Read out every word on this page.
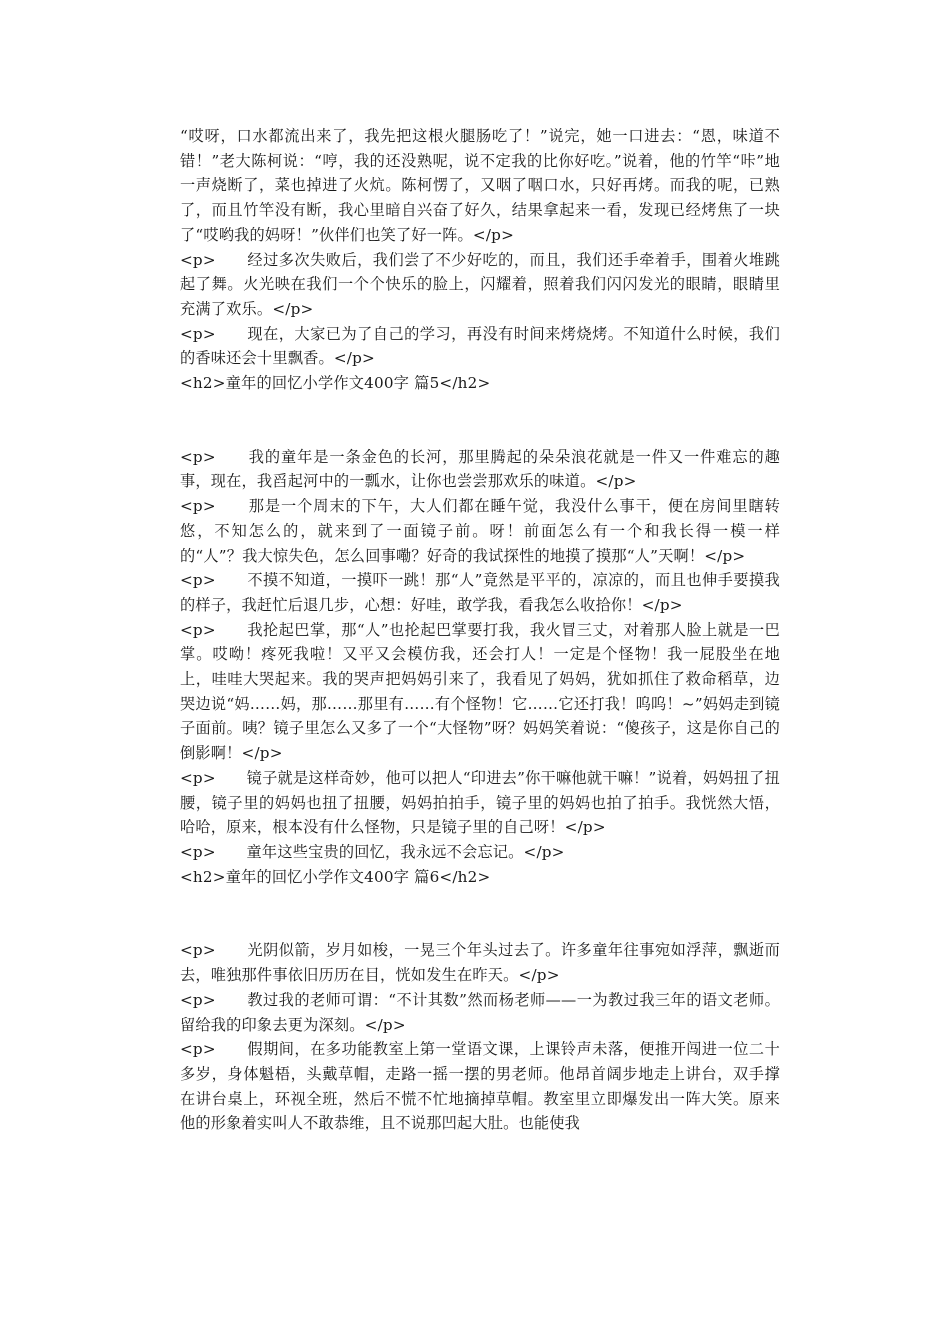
“哎呀，口水都流出来了，我先把这根火腿肠吃了！”说完，她一口进去：“恩，味道不错！”老大陈柯说：“哼，我的还没熟呢，说不定我的比你好吃。”说着，他的竹竿“咔”地一声烧断了，菜也掉进了火炕。陈柯愣了，又咽了咽口水，只好再烤。而我的呢，已熟了，而且竹竿没有断，我心里暗自兴奋了好久，结果拿起来一看，发现已经烤焦了一块了“哎哟我的妈呀！”伙伴们也笑了好一阵。</p>

<p>　　经过多次失败后，我们尝了不少好吃的，而且，我们还手牵着手，围着火堆跳起了舞。火光映在我们一个个快乐的脸上，闪耀着，照着我们闪闪发光的眼睛，眼睛里充满了欢乐。</p>

<p>　　现在，大家已为了自己的学习，再没有时间来烤烧烤。不知道什么时候，我们的香味还会十里飘香。</p>

<h2>童年的回忆小学作文400字 篇5</h2>

<p>　　我的童年是一条金色的长河，那里腾起的朵朵浪花就是一件又一件难忘的趣事，现在，我舀起河中的一瓢水，让你也尝尝那欢乐的味道。</p>

<p>　　那是一个周末的下午，大人们都在睡午觉，我没什么事干，便在房间里瞎转悠，不知怎么的，就来到了一面镜子前。呀！前面怎么有一个和我长得一模一样的“人”？我大惊失色，怎么回事嘞？好奇的我试探性的地摸了摸那“人”天啊！</p>

<p>　　不摸不知道，一摸吓一跳！那“人”竟然是平平的，凉凉的，而且也伸手要摸我的样子，我赶忙后退几步，心想：好哇，敢学我，看我怎么收拾你！</p>

<p>　　我抡起巴掌，那“人”也抡起巴掌要打我，我火冒三丈，对着那人脸上就是一巴掌。哎呦！疼死我啦！又平又会模仿我，还会打人！一定是个怪物！我一屁股坐在地上，哇哇大哭起来。我的哭声把妈妈引来了，我看见了妈妈，犹如抓住了救命稻草，边哭边说“妈……妈，那……那里有……有个怪物！它……它还打我！呜呜！~”妈妈走到镜子面前。咦？镜子里怎么又多了一个“大怪物”呀？妈妈笑着说：“傻孩子，这是你自己的倒影啊！</p>

<p>　　镜子就是这样奇妙，他可以把人“印进去”你干嘛他就干嘛！”说着，妈妈扭了扭腰，镜子里的妈妈也扭了扭腰，妈妈拍拍手，镜子里的妈妈也拍了拍手。我恍然大悟，哈哈，原来，根本没有什么怪物，只是镜子里的自己呀！</p>

<p>　　童年这些宝贵的回忆，我永远不会忘记。</p>

<h2>童年的回忆小学作文400字 篇6</h2>

<p>　　光阴似箭，岁月如梭，一晃三个年头过去了。许多童年往事宛如浮萍，飘逝而去，唯独那件事依旧历历在目，恍如发生在昨天。</p>

<p>　　教过我的老师可谓：“不计其数”然而杨老师——一为教过我三年的语文老师。留给我的印象去更为深刻。</p>

<p>　　假期间，在多功能教室上第一堂语文课，上课铃声未落，便推开闯进一位二十多岁，身体魁梧，头戴草帽，走路一摇一摆的男老师。他昂首阔步地走上讲台，双手撑在讲台桌上，环视全班，然后不慌不忙地摘掉草帽。教室里立即爆发出一阵大笑。原来他的形象着实叫人不敢恭维，且不说那凹起大肚。也能使我
